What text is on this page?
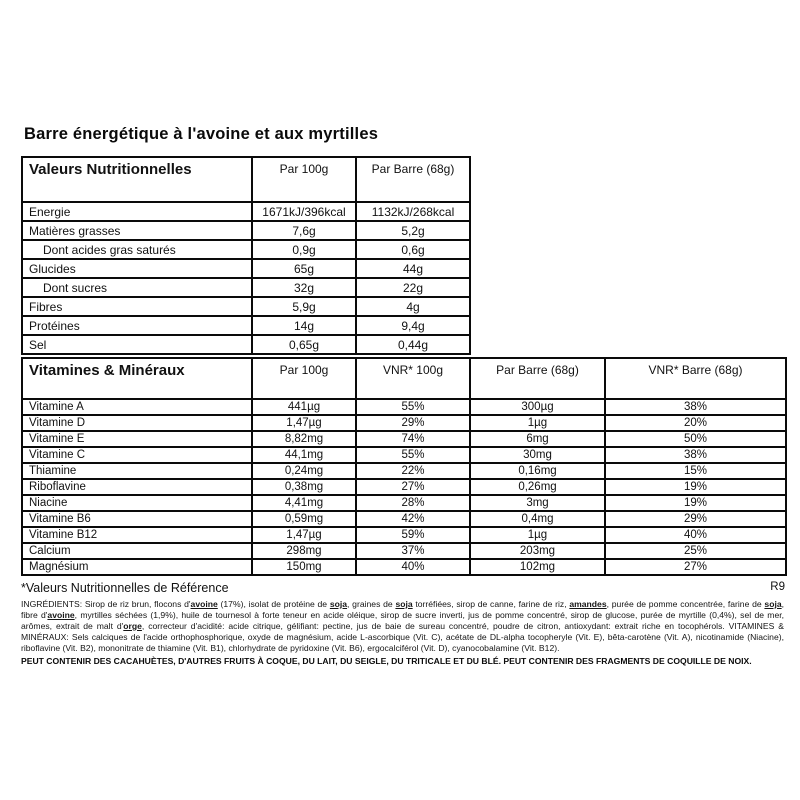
Barre énergétique à l'avoine et aux myrtilles
Valeurs Nutritionnelles	Par 100g	Par Barre (68g)
Energie	1671kJ/396kcal	1132kJ/268kcal
Matières grasses	7,6g	5,2g
Dont acides gras saturés	0,9g	0,6g
Glucides	65g	44g
Dont sucres	32g	22g
Fibres	5,9g	4g
Protéines	14g	9,4g
Sel	0,65g	0,44g
Vitamines & Minéraux	Par 100g	VNR* 100g	Par Barre (68g)	VNR* Barre (68g)
Vitamine A	441µg	55%	300µg	38%
Vitamine D	1,47µg	29%	1µg	20%
Vitamine E	8,82mg	74%	6mg	50%
Vitamine C	44,1mg	55%	30mg	38%
Thiamine	0,24mg	22%	0,16mg	15%
Riboflavine	0,38mg	27%	0,26mg	19%
Niacine	4,41mg	28%	3mg	19%
Vitamine B6	0,59mg	42%	0,4mg	29%
Vitamine B12	1,47µg	59%	1µg	40%
Calcium	298mg	37%	203mg	25%
Magnésium	150mg	40%	102mg	27%
*Valeurs Nutritionnelles de Référence	R9

INGRÉDIENTS: Sirop de riz brun, flocons d'avoine (17%), isolat de protéine de soja, graines de soja torréfiées, sirop de canne, farine de riz, amandes, purée de pomme concentrée, farine de soja, fibre d'avoine, myrtilles séchées (1,9%), huile de tournesol à forte teneur en acide oléique, sirop de sucre inverti, jus de pomme concentré, sirop de glucose, purée de myrtille (0,4%), sel de mer, arômes, extrait de malt d'orge, correcteur d'acidité: acide citrique, gélifiant: pectine, jus de baie de sureau concentré, poudre de citron, antioxydant: extrait riche en tocophérols. VITAMINES & MINÉRAUX: Sels calciques de l'acide orthophosphorique, oxyde de magnésium, acide L-ascorbique (Vit. C), acétate de DL-alpha tocopheryle (Vit. E), bêta-carotène (Vit. A), nicotinamide (Niacine), riboflavine (Vit. B2), mononitrate de thiamine (Vit. B1), chlorhydrate de pyridoxine (Vit. B6), ergocalciférol (Vit. D), cyanocobalamine (Vit. B12).

PEUT CONTENIR DES CACAHUÈTES, D'AUTRES FRUITS À COQUE, DU LAIT, DU SEIGLE, DU TRITICALE ET DU BLÉ. PEUT CONTENIR DES FRAGMENTS DE COQUILLE DE NOIX.
